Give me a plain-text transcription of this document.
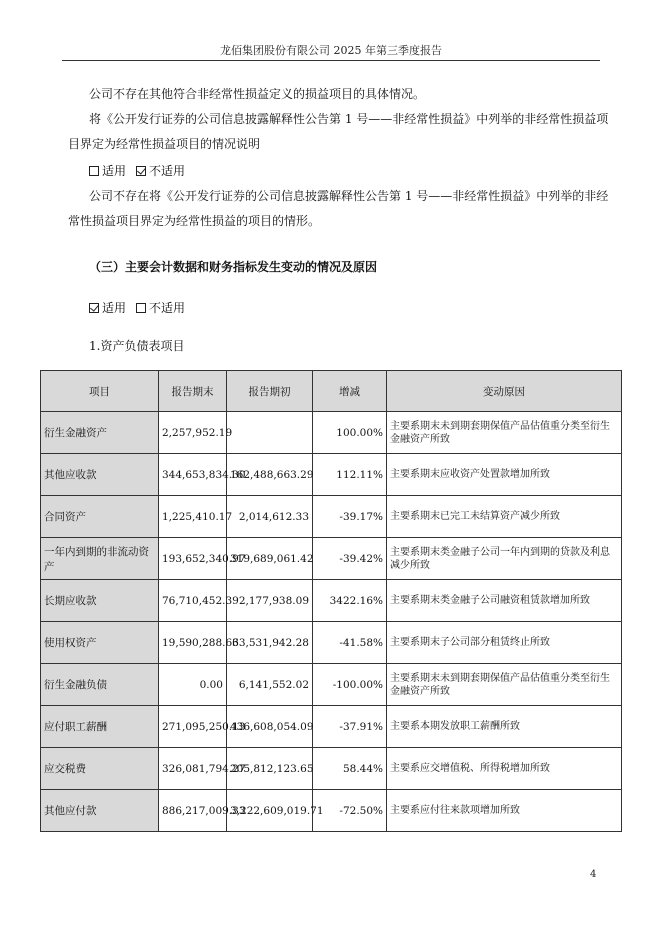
龙佰集团股份有限公司 2025 年第三季度报告
公司不存在其他符合非经常性损益定义的损益项目的具体情况。
将《公开发行证券的公司信息披露解释性公告第 1 号——非经常性损益》中列举的非经常性损益项
目界定为经常性损益项目的情况说明
适用 不适用
公司不存在将《公开发行证券的公司信息披露解释性公告第 1 号——非经常性损益》中列举的非经
常性损益项目界定为经常性损益的项目的情形。
（三）主要会计数据和财务指标发生变动的情况及原因
适用 不适用
1.资产负债表项目
项目	报告期末	报告期初	增减	变动原因
衍生金融资产	2,257,952.19		100.00%	主要系期末未到期套期保值产品估值重分类至衍生金融资产所致
其他应收款	344,653,834.30	162,488,663.29	112.11%	主要系期末应收资产处置款增加所致
合同资产	1,225,410.17	2,014,612.33	-39.17%	主要系期末已完工未结算资产减少所致
一年内到期的非流动资产	193,652,340.97	319,689,061.42	-39.42%	主要系期末类金融子公司一年内到期的贷款及利息减少所致
长期应收款	76,710,452.39	2,177,938.09	3422.16%	主要系期末类金融子公司融资租赁款增加所致
使用权资产	19,590,288.66	33,531,942.28	-41.58%	主要系期末子公司部分租赁终止所致
衍生金融负债	0.00	6,141,552.02	-100.00%	主要系期末未到期套期保值产品估值重分类至衍生金融资产所致
应付职工薪酬	271,095,250.13	436,608,054.09	-37.91%	主要系本期发放职工薪酬所致
应交税费	326,081,794.27	205,812,123.65	58.44%	主要系应交增值税、所得税增加所致
其他应付款	886,217,009.33	3,222,609,019.71	-72.50%	主要系应付往来款项增加所致
4
